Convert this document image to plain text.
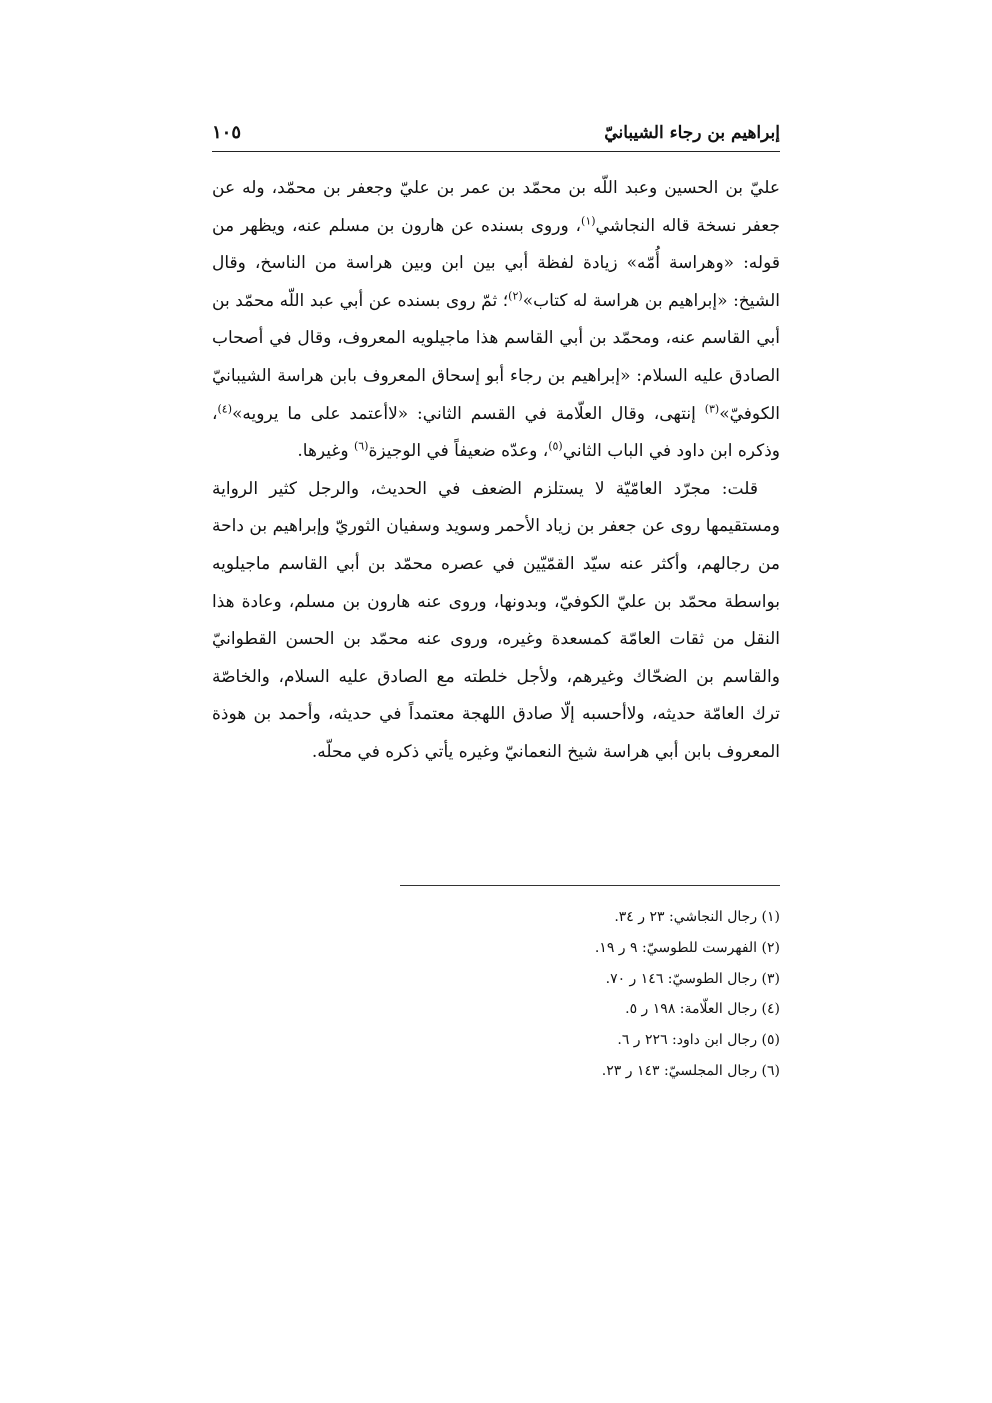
إبراهيم بن رجاء الشيبانيّ
١٠٥

عليّ بن الحسين وعبد اللّه بن محمّد بن عمر بن عليّ وجعفر بن محمّد، وله عن جعفر نسخة قاله النجاشي$^{(١)}$، وروى بسنده عن هارون بن مسلم عنه، ويظهر من قوله: «وهراسة أُمّه» زيادة لفظة أبي بين ابن وبين هراسة من الناسخ، وقال الشيخ: «إبراهيم بن هراسة له كتاب»$^{(٢)}$؛ ثمّ روى بسنده عن أبي عبد اللّه محمّد بن أبي القاسم عنه، ومحمّد بن أبي القاسم هذا ماجيلويه المعروف، وقال في أصحاب الصادق عليه السلام: «إبراهيم بن رجاء أبو إسحاق المعروف بابن هراسة الشيبانيّ الكوفيّ»$^{(٣)}$ إنتهى، وقال العلّامة في القسم الثاني: «لاأعتمد على ما يرويه»$^{(٤)}$، وذكره ابن داود في الباب الثاني$^{(٥)}$، وعدّه ضعيفاً في الوجيزة$^{(٦)}$ وغيرها.

قلت: مجرّد العامّيّة لا يستلزم الضعف في الحديث، والرجل كثير الرواية ومستقيمها روى عن جعفر بن زياد الأحمر وسويد وسفيان الثوريّ وإبراهيم بن داحة من رجالهم، وأكثر عنه سيّد القمّيّين في عصره محمّد بن أبي القاسم ماجيلويه بواسطة محمّد بن عليّ الكوفيّ، وبدونها، وروى عنه هارون بن مسلم، وعادة هذا النقل من ثقات العامّة كمسعدة وغيره، وروى عنه محمّد بن الحسن القطوانيّ والقاسم بن الضحّاك وغيرهم، ولأجل خلطته مع الصادق عليه السلام، والخاصّة ترك العامّة حديثه، ولاأحسبه إلّا صادق اللهجة معتمداً في حديثه، وأحمد بن هوذة المعروف بابن أبي هراسة شيخ النعمانيّ وغيره يأتي ذكره في محلّه.

(١) رجال النجاشي: ٢٣ ر ٣٤.

(٢) الفهرست للطوسيّ: ٩ ر ١٩.

(٣) رجال الطوسيّ: ١٤٦ ر ٧٠.

(٤) رجال العلّامة: ١٩٨ ر ٥.

(٥) رجال ابن داود: ٢٢٦ ر ٦.

(٦) رجال المجلسيّ: ١٤٣ ر ٢٣.
